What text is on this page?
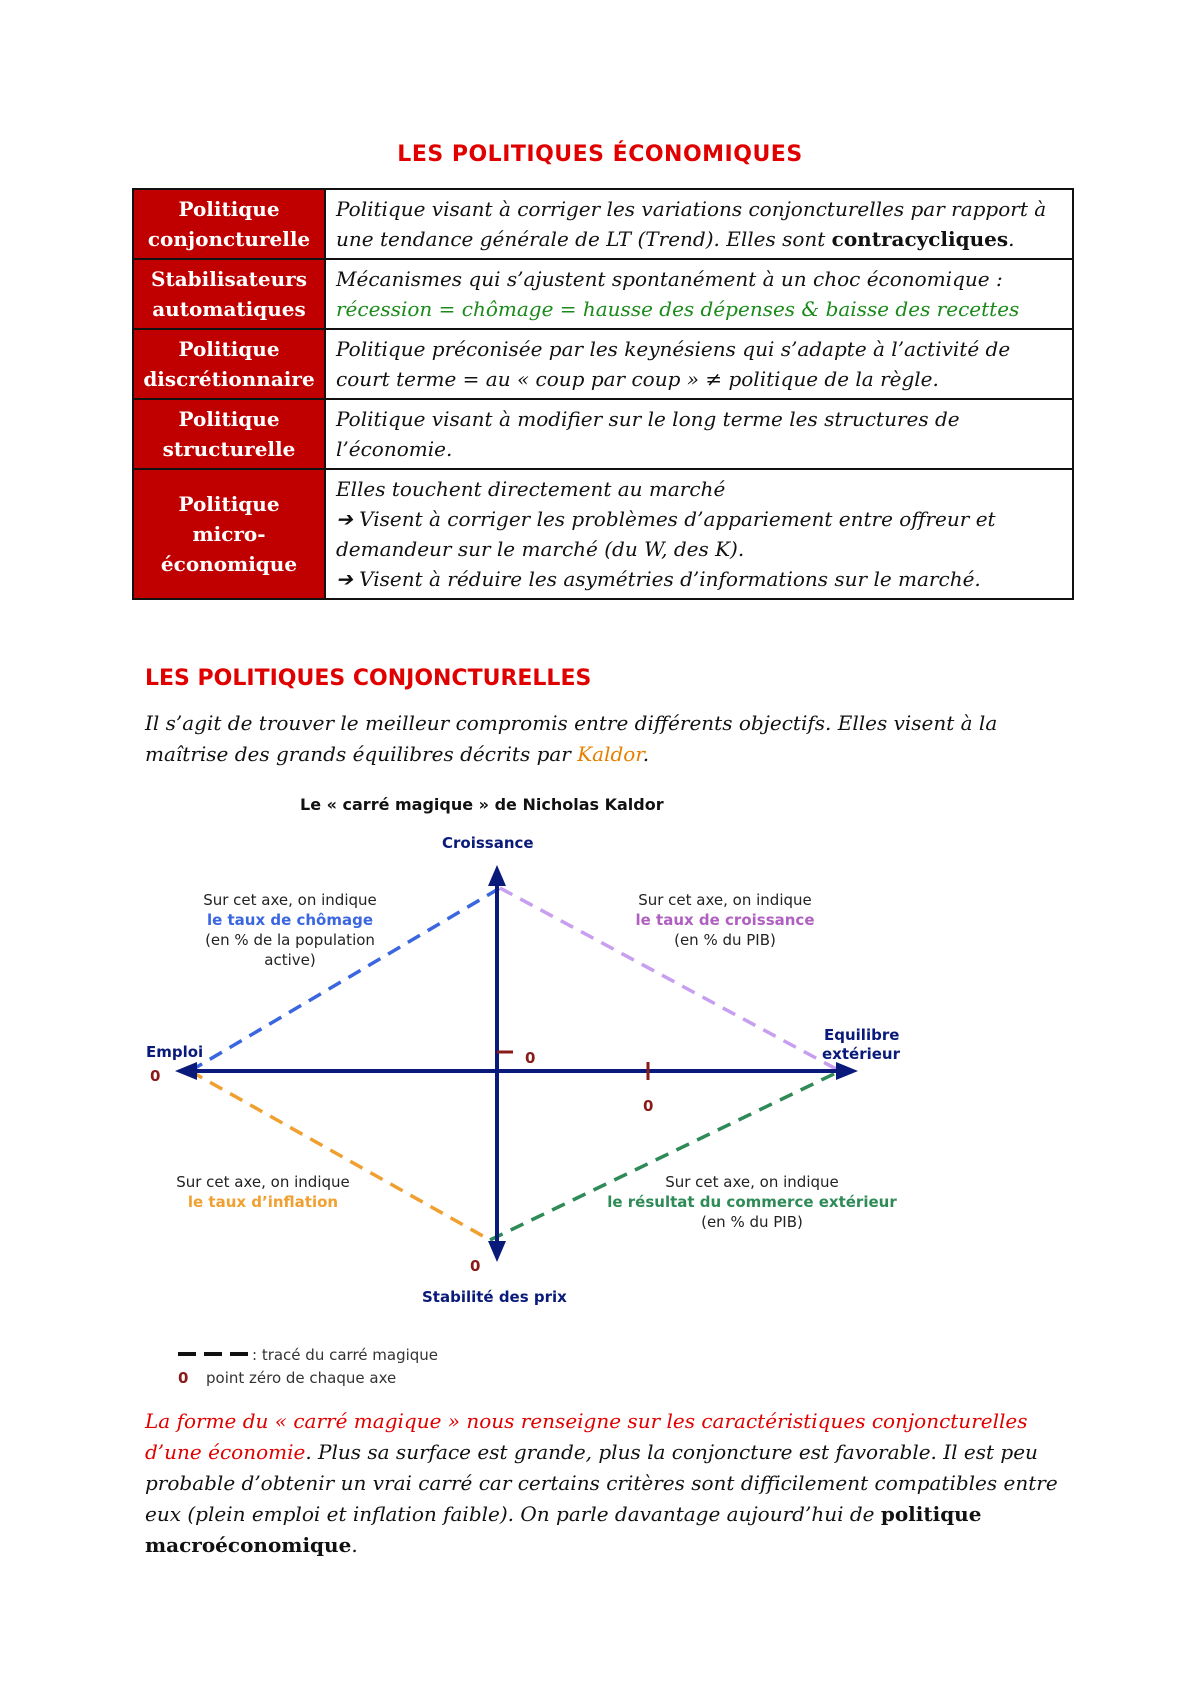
LES POLITIQUES ÉCONOMIQUES
Politique conjoncturelle	Politique visant à corriger les variations conjoncturelles par rapport à une tendance générale de LT (Trend). Elles sont contracycliques.
Stabilisateurs automatiques	Mécanismes qui s’ajustent spontanément à un choc économique :
récession = chômage = hausse des dépenses & baisse des recettes
Politique discrétionnaire	Politique préconisée par les keynésiens qui s’adapte à l’activité de court terme = au « coup par coup » ≠ politique de la règle.
Politique structurelle	Politique visant à modifier sur le long terme les structures de l’économie.
Politique micro-économique	Elles touchent directement au marché
➔ Visent à corriger les problèmes d’appariement entre offreur et demandeur sur le marché (du W, des K).
➔ Visent à réduire les asymétries d’informations sur le marché.
LES POLITIQUES CONJONCTURELLES

Il s’agit de trouver le meilleur compromis entre différents objectifs. Elles visent à la maîtrise des grands équilibres décrits par Kaldor.

Le « carré magique » de Nicholas Kaldor
Croissance
Stabilité des prix
Emploi
Equilibre
extérieur
0
0
0
0
Sur cet axe, on indique
le taux de chômage
(en % de la population
active)
Sur cet axe, on indique
le taux de croissance
(en % du PIB)
Sur cet axe, on indique
le taux d’inflation
Sur cet axe, on indique
le résultat du commerce extérieur
(en % du PIB)
: tracé du carré magique
0 point zéro de chaque axe

La forme du « carré magique » nous renseigne sur les caractéristiques conjoncturelles d’une économie. Plus sa surface est grande, plus la conjoncture est favorable. Il est peu probable d’obtenir un vrai carré car certains critères sont difficilement compatibles entre eux (plein emploi et inflation faible). On parle davantage aujourd’hui de politique macroéconomique.
